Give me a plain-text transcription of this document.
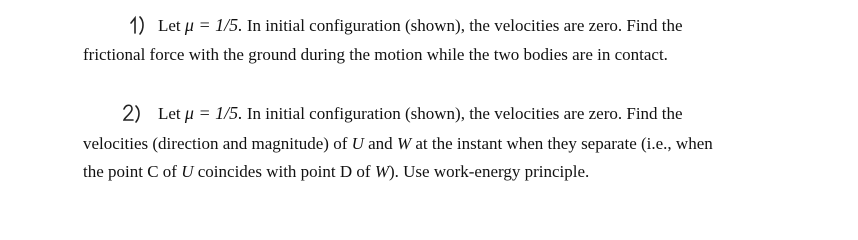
Let μ = 1/5. In initial configuration (shown), the velocities are zero. Find the
frictional force with the ground during the motion while the two bodies are in contact.
Let μ = 1/5. In initial configuration (shown), the velocities are zero. Find the
velocities (direction and magnitude) of U and W at the instant when they separate (i.e., when
the point C of U coincides with point D of W). Use work-energy principle.
